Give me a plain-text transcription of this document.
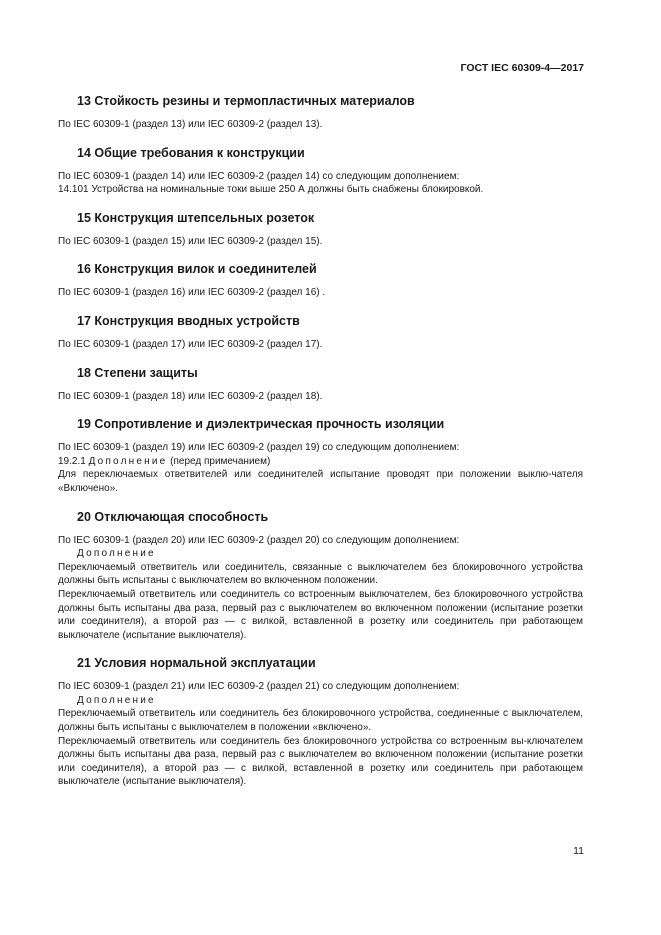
ГОСТ IEC 60309-4—2017
13 Стойкость резины и термопластичных материалов

По IEC 60309-1 (раздел 13) или IEC 60309-2 (раздел 13).

14 Общие требования к конструкции

По IEC 60309-1 (раздел 14) или IEC 60309-2 (раздел 14) со следующим дополнением:

14.101 Устройства на номинальные токи выше 250 А должны быть снабжены блокировкой.

15 Конструкция штепсельных розеток

По IEC 60309-1 (раздел 15) или IEC 60309-2 (раздел 15).

16 Конструкция вилок и соединителей

По IEC 60309-1 (раздел 16) или IEC 60309-2 (раздел 16) .

17 Конструкция вводных устройств

По IEC 60309-1 (раздел 17) или IEC 60309-2 (раздел 17).

18 Степени защиты

По IEC 60309-1 (раздел 18) или IEC 60309-2 (раздел 18).

19 Сопротивление и диэлектрическая прочность изоляции

По IEC 60309-1 (раздел 19) или IEC 60309-2 (раздел 19) со следующим дополнением:

19.2.1 Дополнение (перед примечанием)

Для переключаемых ответвителей или соединителей испытание проводят при положении выклю-чателя «Включено».

20 Отключающая способность

По IEC 60309-1 (раздел 20) или IEC 60309-2 (раздел 20) со следующим дополнением:

Дополнение

Переключаемый ответвитель или соединитель, связанные с выключателем без блокировочного устройства должны быть испытаны с выключателем во включенном положении.

Переключаемый ответвитель или соединитель со встроенным выключателем, без блокировочного устройства должны быть испытаны два раза, первый раз с выключателем во включенном положении (испытание розетки или соединителя), а второй раз — с вилкой, вставленной в розетку или соединитель при работающем выключателе (испытание выключателя).

21 Условия нормальной эксплуатации

По IEC 60309-1 (раздел 21) или IEC 60309-2 (раздел 21) со следующим дополнением:

Дополнение

Переключаемый ответвитель или соединитель без блокировочного устройства, соединенные с выключателем, должны быть испытаны с выключателем в положении «включено».

Переключаемый ответвитель или соединитель без блокировочного устройства со встроенным вы-ключателем должны быть испытаны два раза, первый раз с выключателем во включенном положении (испытание розетки или соединителя), а второй раз — с вилкой, вставленной в розетку или соединитель при работающем выключателе (испытание выключателя).

11
